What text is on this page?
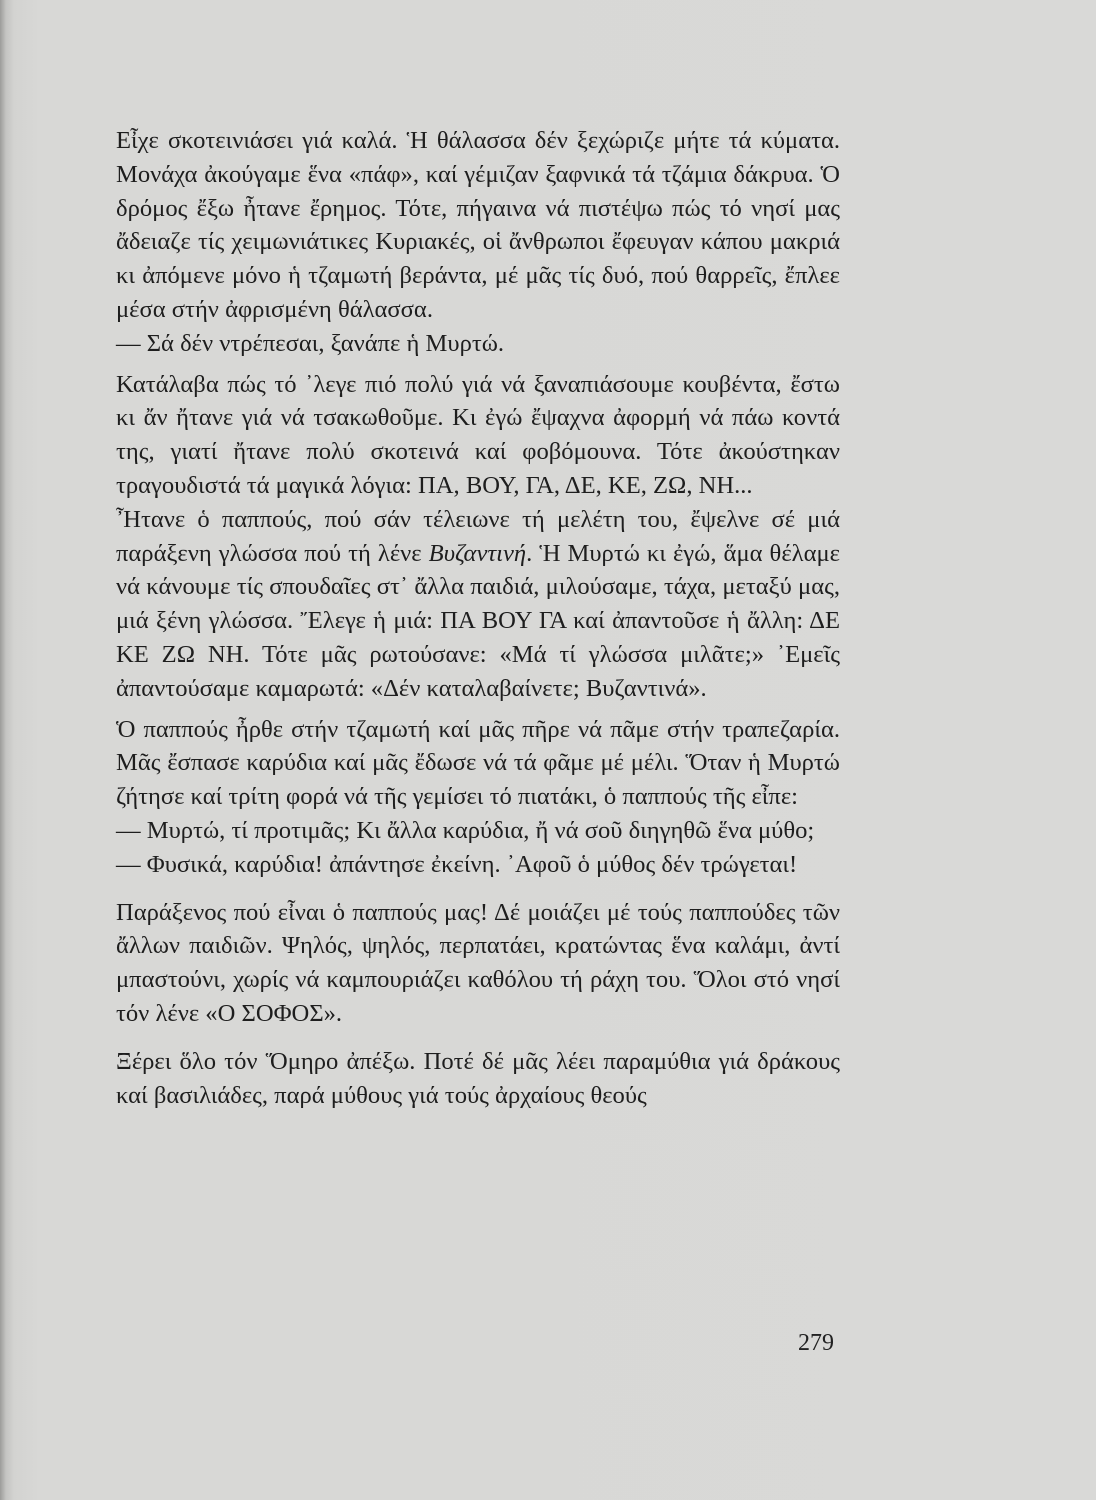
Εἶχε σκοτεινιάσει γιά καλά. Ἡ θάλασσα δέν ξεχώριζε μήτε τά κύματα. Μονάχα ἀκούγαμε ἕνα «πάφ», καί γέμιζαν ξαφνικά τά τζάμια δάκρυα. Ὁ δρόμος ἔξω ἦτανε ἔρημος. Τότε, πήγαινα νά πιστέψω πώς τό νησί μας ἄδειαζε τίς χειμωνιάτικες Κυριακές, οἱ ἄνθρωποι ἔφευγαν κάπου μακριά κι ἀπόμενε μόνο ἡ τζαμωτή βεράντα, μέ μᾶς τίς δυό, πού θαρρεῖς, ἔπλεε μέσα στήν ἀφρισμένη θάλασσα.

— Σά δέν ντρέπεσαι, ξανάπε ἡ Μυρτώ.

Κατάλαβα πώς τό ᾽λεγε πιό πολύ γιά νά ξαναπιάσουμε κουβέντα, ἔστω κι ἄν ἤτανε γιά νά τσακωθοῦμε. Κι ἐγώ ἔψαχνα ἀφορμή νά πάω κοντά της, γιατί ἤτανε πολύ σκοτεινά καί φοβόμουνα. Τότε ἀκούστηκαν τραγουδιστά τά μαγικά λόγια: ΠΑ, ΒΟΥ, ΓΑ, ΔΕ, ΚΕ, ΖΩ, ΝΗ...

Ἦτανε ὁ παππούς, πού σάν τέλειωνε τή μελέτη του, ἔψελνε σέ μιά παράξενη γλώσσα πού τή λένε Βυζαντινή. Ἡ Μυρτώ κι ἐγώ, ἅμα θέλαμε νά κάνουμε τίς σπουδαῖες στ᾽ ἄλλα παιδιά, μιλούσαμε, τάχα, μεταξύ μας, μιά ξένη γλώσσα. Ἔλεγε ἡ μιά: ΠΑ ΒΟΥ ΓΑ καί ἀπαντοῦσε ἡ ἄλλη: ΔΕ ΚΕ ΖΩ ΝΗ. Τότε μᾶς ρωτούσανε: «Μά τί γλώσσα μιλᾶτε;» ᾽Εμεῖς ἀπαντούσαμε καμαρωτά: «Δέν καταλαβαίνετε; Βυζαντινά».

Ὁ παππούς ἦρθε στήν τζαμωτή καί μᾶς πῆρε νά πᾶμε στήν τραπεζαρία. Μᾶς ἔσπασε καρύδια καί μᾶς ἔδωσε νά τά φᾶμε μέ μέλι. Ὅταν ἡ Μυρτώ ζήτησε καί τρίτη φορά νά τῆς γεμίσει τό πιατάκι, ὁ παππούς τῆς εἶπε:

— Μυρτώ, τί προτιμᾶς; Κι ἄλλα καρύδια, ἤ νά σοῦ διηγηθῶ ἕνα μύθο;

— Φυσικά, καρύδια! ἀπάντησε ἐκείνη. ᾽Αφοῦ ὁ μύθος δέν τρώγεται!

Παράξενος πού εἶναι ὁ παππούς μας! Δέ μοιάζει μέ τούς παππούδες τῶν ἄλλων παιδιῶν. Ψηλός, ψηλός, περπατάει, κρατώντας ἕνα καλάμι, ἀντί μπαστούνι, χωρίς νά καμπουριάζει καθόλου τή ράχη του. Ὅλοι στό νησί τόν λένε «Ο ΣΟΦΟΣ».

Ξέρει ὅλο τόν Ὅμηρο ἀπέξω. Ποτέ δέ μᾶς λέει παραμύθια γιά δράκους καί βασιλιάδες, παρά μύθους γιά τούς ἀρχαίους θεούς

279
